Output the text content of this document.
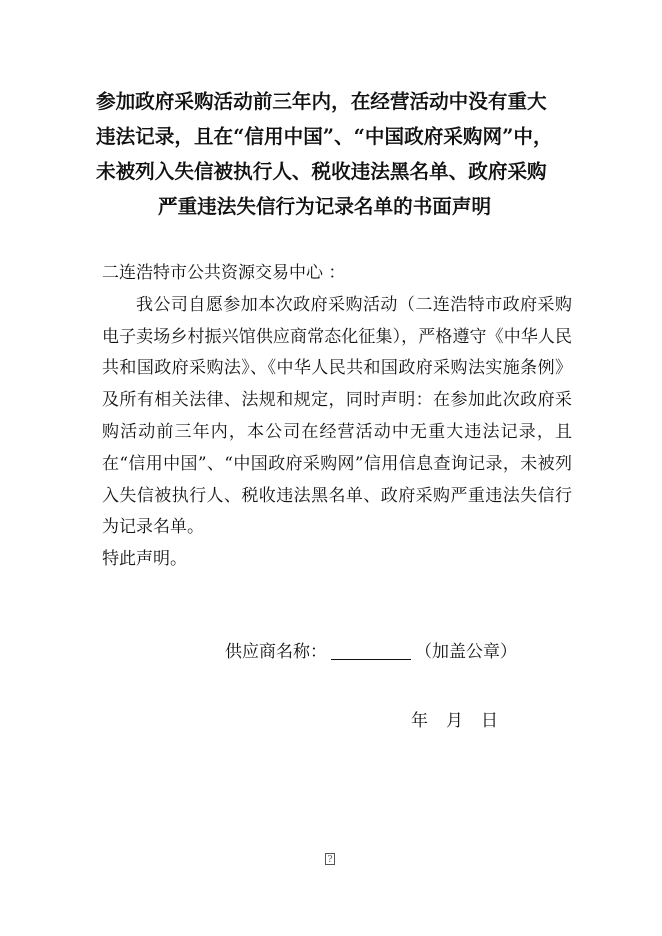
参加政府采购活动前三年内，在经营活动中没有重大
违法记录，且在“信用中国”、“中国政府采购网”中，
未被列入失信被执行人、税收违法黑名单、政府采购
严重违法失信行为记录名单的书面声明

二连浩特市公共资源交易中心 ：

我公司自愿参加本次政府采购活动（二连浩特市政府采购电子卖场乡村振兴馆供应商常态化征集），严格遵守《中华人民共和国政府采购法》、《中华人民共和国政府采购法实施条例》及所有相关法律、法规和规定，同时声明：在参加此次政府采购活动前三年内，本公司在经营活动中无重大违法记录，且在“信用中国”、“中国政府采购网”信用信息查询记录，未被列入失信被执行人、税收违法黑名单、政府采购严重违法失信行为记录名单。

特此声明。

供应商名称：	（加盖公章）
年 月 日
?
